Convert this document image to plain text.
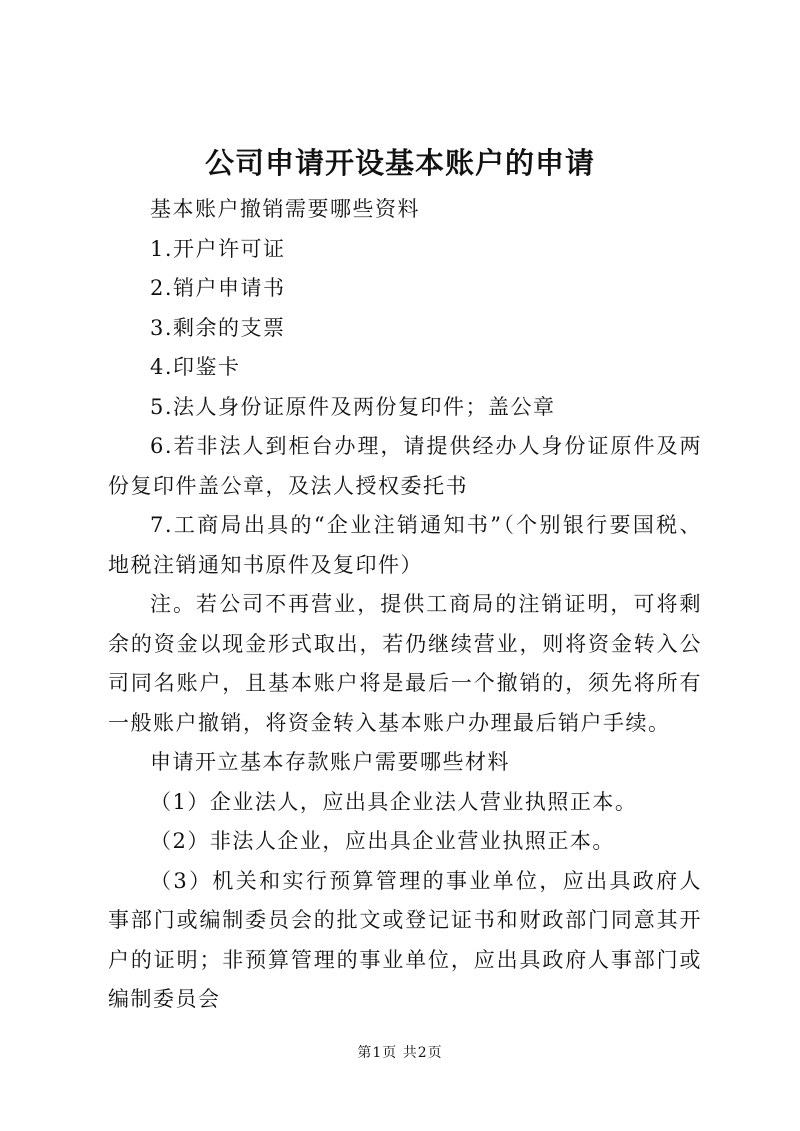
公司申请开设基本账户的申请

基本账户撤销需要哪些资料

1.开户许可证

2.销户申请书

3.剩余的支票

4.印鉴卡

5.法人身份证原件及两份复印件；盖公章

6.若非法人到柜台办理，请提供经办人身份证原件及两份复印件盖公章，及法人授权委托书

7.工商局出具的“企业注销通知书”（个别银行要国税、地税注销通知书原件及复印件）

注。若公司不再营业，提供工商局的注销证明，可将剩余的资金以现金形式取出，若仍继续营业，则将资金转入公司同名账户，且基本账户将是最后一个撤销的，须先将所有一般账户撤销，将资金转入基本账户办理最后销户手续。

申请开立基本存款账户需要哪些材料

（1）企业法人，应出具企业法人营业执照正本。

（2）非法人企业，应出具企业营业执照正本。

（3）机关和实行预算管理的事业单位，应出具政府人事部门或编制委员会的批文或登记证书和财政部门同意其开户的证明；非预算管理的事业单位，应出具政府人事部门或编制委员会

第1页 共2页
